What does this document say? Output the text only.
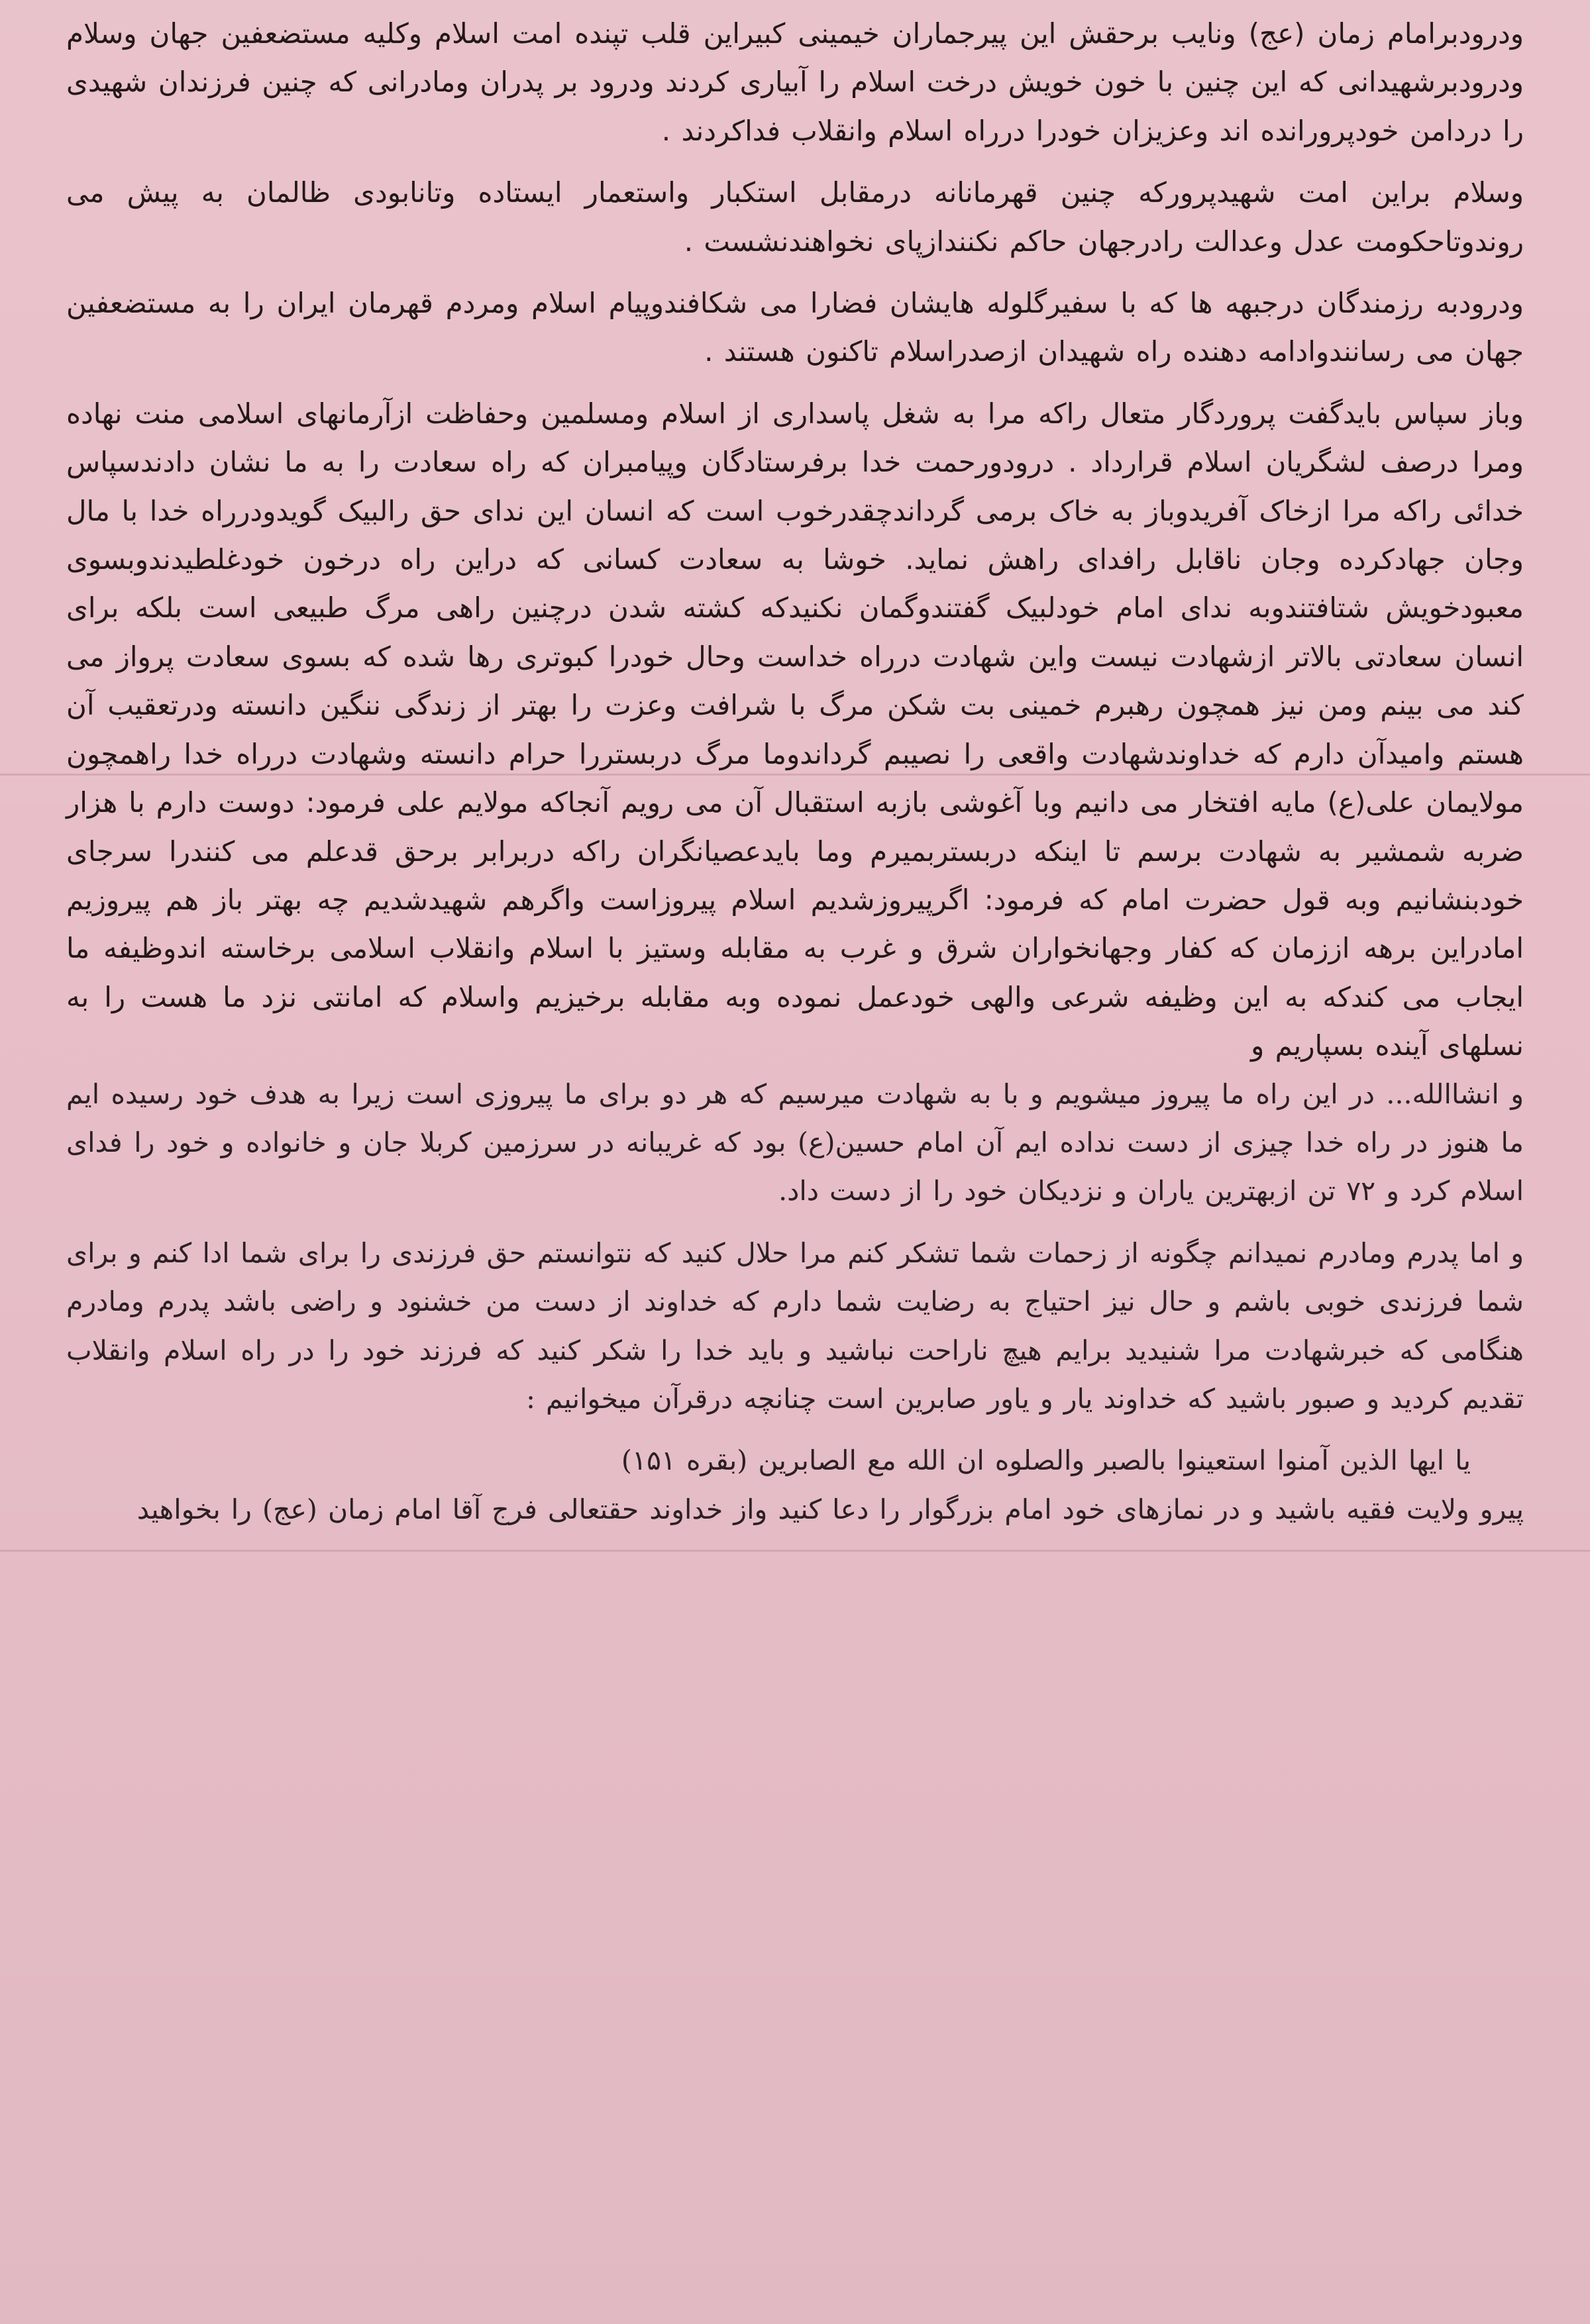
ودرودبرامام زمان (عج) ونایب برحقش این پیرجماران خیمینی کبیراین قلب تپنده امت اسلام وکلیه مستضعفین جهان وسلام ودرودبرشهیدانی که این چنین با خون خویش درخت اسلام را آبیاری کردند ودرود بر پدران ومادرانی که چنین فرزندان شهیدی را دردامن خودپرورانده اند وعزیزان خودرا درراه اسلام وانقلاب فداکردند .

وسلام براین امت شهیدپرورکه چنین قهرمانانه درمقابل استکبار واستعمار ایستاده وتانابودی ظالمان به پیش می روندوتاحکومت عدل وعدالت رادرجهان حاکم نکنندازپای نخواهندنشست .

ودرودبه رزمندگان درجبهه ها که با سفیرگلوله هایشان فضارا می شکافندوپیام اسلام ومردم قهرمان ایران را به مستضعفین جهان می رسانندوادامه دهنده راه شهیدان ازصدراسلام تاکنون هستند .

وباز سپاس بایدگفت پروردگار متعال راکه مرا به شغل پاسداری از اسلام ومسلمین وحفاظت ازآرمانهای اسلامی منت نهاده ومرا درصف لشگریان اسلام قرارداد . درودورحمت خدا برفرستادگان وپیامبران که راه سعادت را به ما نشان دادندسپاس خدائی راکه مرا ازخاک آفریدوباز به خاک برمی گرداندچقدرخوب است که انسان این ندای حق رالبیک گویدودرراه خدا با مال وجان جهادکرده وجان ناقابل رافدای راهش نماید. خوشا به سعادت کسانی که دراین راه درخون خودغلطیدندوبسوی معبودخویش شتافتندوبه ندای امام خودلبیک گفتندوگمان نکنیدکه کشته شدن درچنین راهی مرگ طبیعی است بلکه برای انسان سعادتی بالاتر ازشهادت نیست واین شهادت درراه خداست وحال خودرا کبوتری رها شده که بسوی سعادت پرواز می کند می بینم ومن نیز همچون رهبرم خمینی بت شکن مرگ با شرافت وعزت را بهتر از زندگی ننگین دانسته ودرتعقیب آن هستم وامیدآن دارم که خداوندشهادت واقعی را نصیبم گرداندوما مرگ دربستررا حرام دانسته وشهادت درراه خدا راهمچون مولایمان علی(ع) مایه افتخار می دانیم وبا آغوشی بازبه استقبال آن می رویم آنجاکه مولایم علی فرمود: دوست دارم با هزار ضربه شمشیر به شهادت برسم تا اینکه دربستربمیرم وما بایدعصیانگران راکه دربرابر برحق قدعلم می کنندرا سرجای خودبنشانیم وبه قول حضرت امام که فرمود: اگرپیروزشدیم اسلام پیروزاست واگرهم شهیدشدیم چه بهتر باز هم پیروزیم امادراین برهه اززمان که کفار وجهانخواران شرق و غرب به مقابله وستیز با اسلام وانقلاب اسلامی برخاسته اندوظیفه ما ایجاب می کندکه به این وظیفه شرعی والهی خودعمل نموده وبه مقابله برخیزیم واسلام که امانتی نزد ما هست را به نسلهای آینده بسپاریم و

و انشاالله... در این راه ما پیروز میشویم و با به شهادت میرسیم که هر دو برای ما پیروزی است زیرا به هدف خود رسیده ایم ما هنوز در راه خدا چیزی از دست نداده ایم آن امام حسین(ع) بود که غریبانه در سرزمین کربلا جان و خانواده و خود را فدای اسلام کرد و ۷۲ تن ازبهترین یاران و نزدیکان خود را از دست داد.

و اما پدرم ومادرم نمیدانم چگونه از زحمات شما تشکر کنم مرا حلال کنید که نتوانستم حق فرزندی را برای شما ادا کنم و برای شما فرزندی خوبی باشم و حال نیز احتیاج به رضایت شما دارم که خداوند از دست من خشنود و راضی باشد پدرم ومادرم هنگامی که خبرشهادت مرا شنیدید برایم هیچ ناراحت نباشید و باید خدا را شکر کنید که فرزند خود را در راه اسلام وانقلاب تقدیم کردید و صبور باشید که خداوند یار و یاور صابرین است چنانچه درقرآن میخوانیم :

یا ایها الذین آمنوا استعینوا بالصبر والصلوه ان الله مع الصابرین (بقره ۱۵۱)

پیرو ولایت فقیه باشید و در نمازهای خود امام بزرگوار را دعا کنید واز خداوند حقتعالی فرج آقا امام زمان (عج) را بخواهید
